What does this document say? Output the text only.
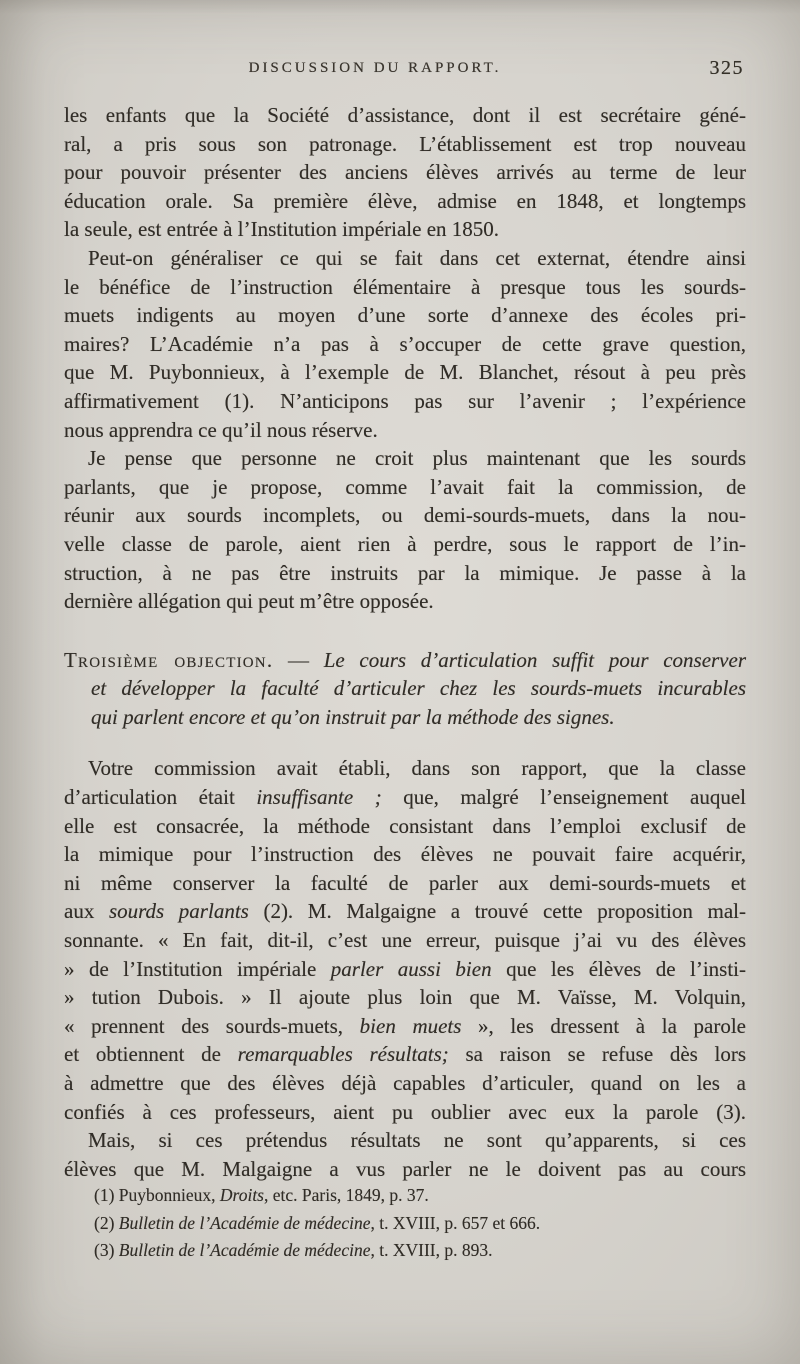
DISCUSSION DU RAPPORT.	325
les enfants que la Société d’assistance, dont il est secrétaire géné-
ral, a pris sous son patronage. L’établissement est trop nouveau
pour pouvoir présenter des anciens élèves arrivés au terme de leur
éducation orale. Sa première élève, admise en 1848, et longtemps
la seule, est entrée à l’Institution impériale en 1850.
Peut-on généraliser ce qui se fait dans cet externat, étendre ainsi
le bénéfice de l’instruction élémentaire à presque tous les sourds-
muets indigents au moyen d’une sorte d’annexe des écoles pri-
maires? L’Académie n’a pas à s’occuper de cette grave question,
que M. Puybonnieux, à l’exemple de M. Blanchet, résout à peu près
affirmativement (1). N’anticipons pas sur l’avenir ; l’expérience
nous apprendra ce qu’il nous réserve.
Je pense que personne ne croit plus maintenant que les sourds
parlants, que je propose, comme l’avait fait la commission, de
réunir aux sourds incomplets, ou demi-sourds-muets, dans la nou-
velle classe de parole, aient rien à perdre, sous le rapport de l’in-
struction, à ne pas être instruits par la mimique. Je passe à la
dernière allégation qui peut m’être opposée.
Troisième objection. — Le cours d’articulation suffit pour conserver
et développer la faculté d’articuler chez les sourds-muets incurables
qui parlent encore et qu’on instruit par la méthode des signes.
Votre commission avait établi, dans son rapport, que la classe
d’articulation était insuffisante ; que, malgré l’enseignement auquel
elle est consacrée, la méthode consistant dans l’emploi exclusif de
la mimique pour l’instruction des élèves ne pouvait faire acquérir,
ni même conserver la faculté de parler aux demi-sourds-muets et
aux sourds parlants (2). M. Malgaigne a trouvé cette proposition mal-
sonnante. « En fait, dit-il, c’est une erreur, puisque j’ai vu des élèves
» de l’Institution impériale parler aussi bien que les élèves de l’insti-
» tution Dubois. » Il ajoute plus loin que M. Vaïsse, M. Volquin,
« prennent des sourds-muets, bien muets », les dressent à la parole
et obtiennent de remarquables résultats; sa raison se refuse dès lors
à admettre que des élèves déjà capables d’articuler, quand on les a
confiés à ces professeurs, aient pu oublier avec eux la parole (3).
Mais, si ces prétendus résultats ne sont qu’apparents, si ces
élèves que M. Malgaigne a vus parler ne le doivent pas au cours
(1) Puybonnieux, Droits, etc. Paris, 1849, p. 37.
(2) Bulletin de l’Académie de médecine, t. XVIII, p. 657 et 666.
(3) Bulletin de l’Académie de médecine, t. XVIII, p. 893.
